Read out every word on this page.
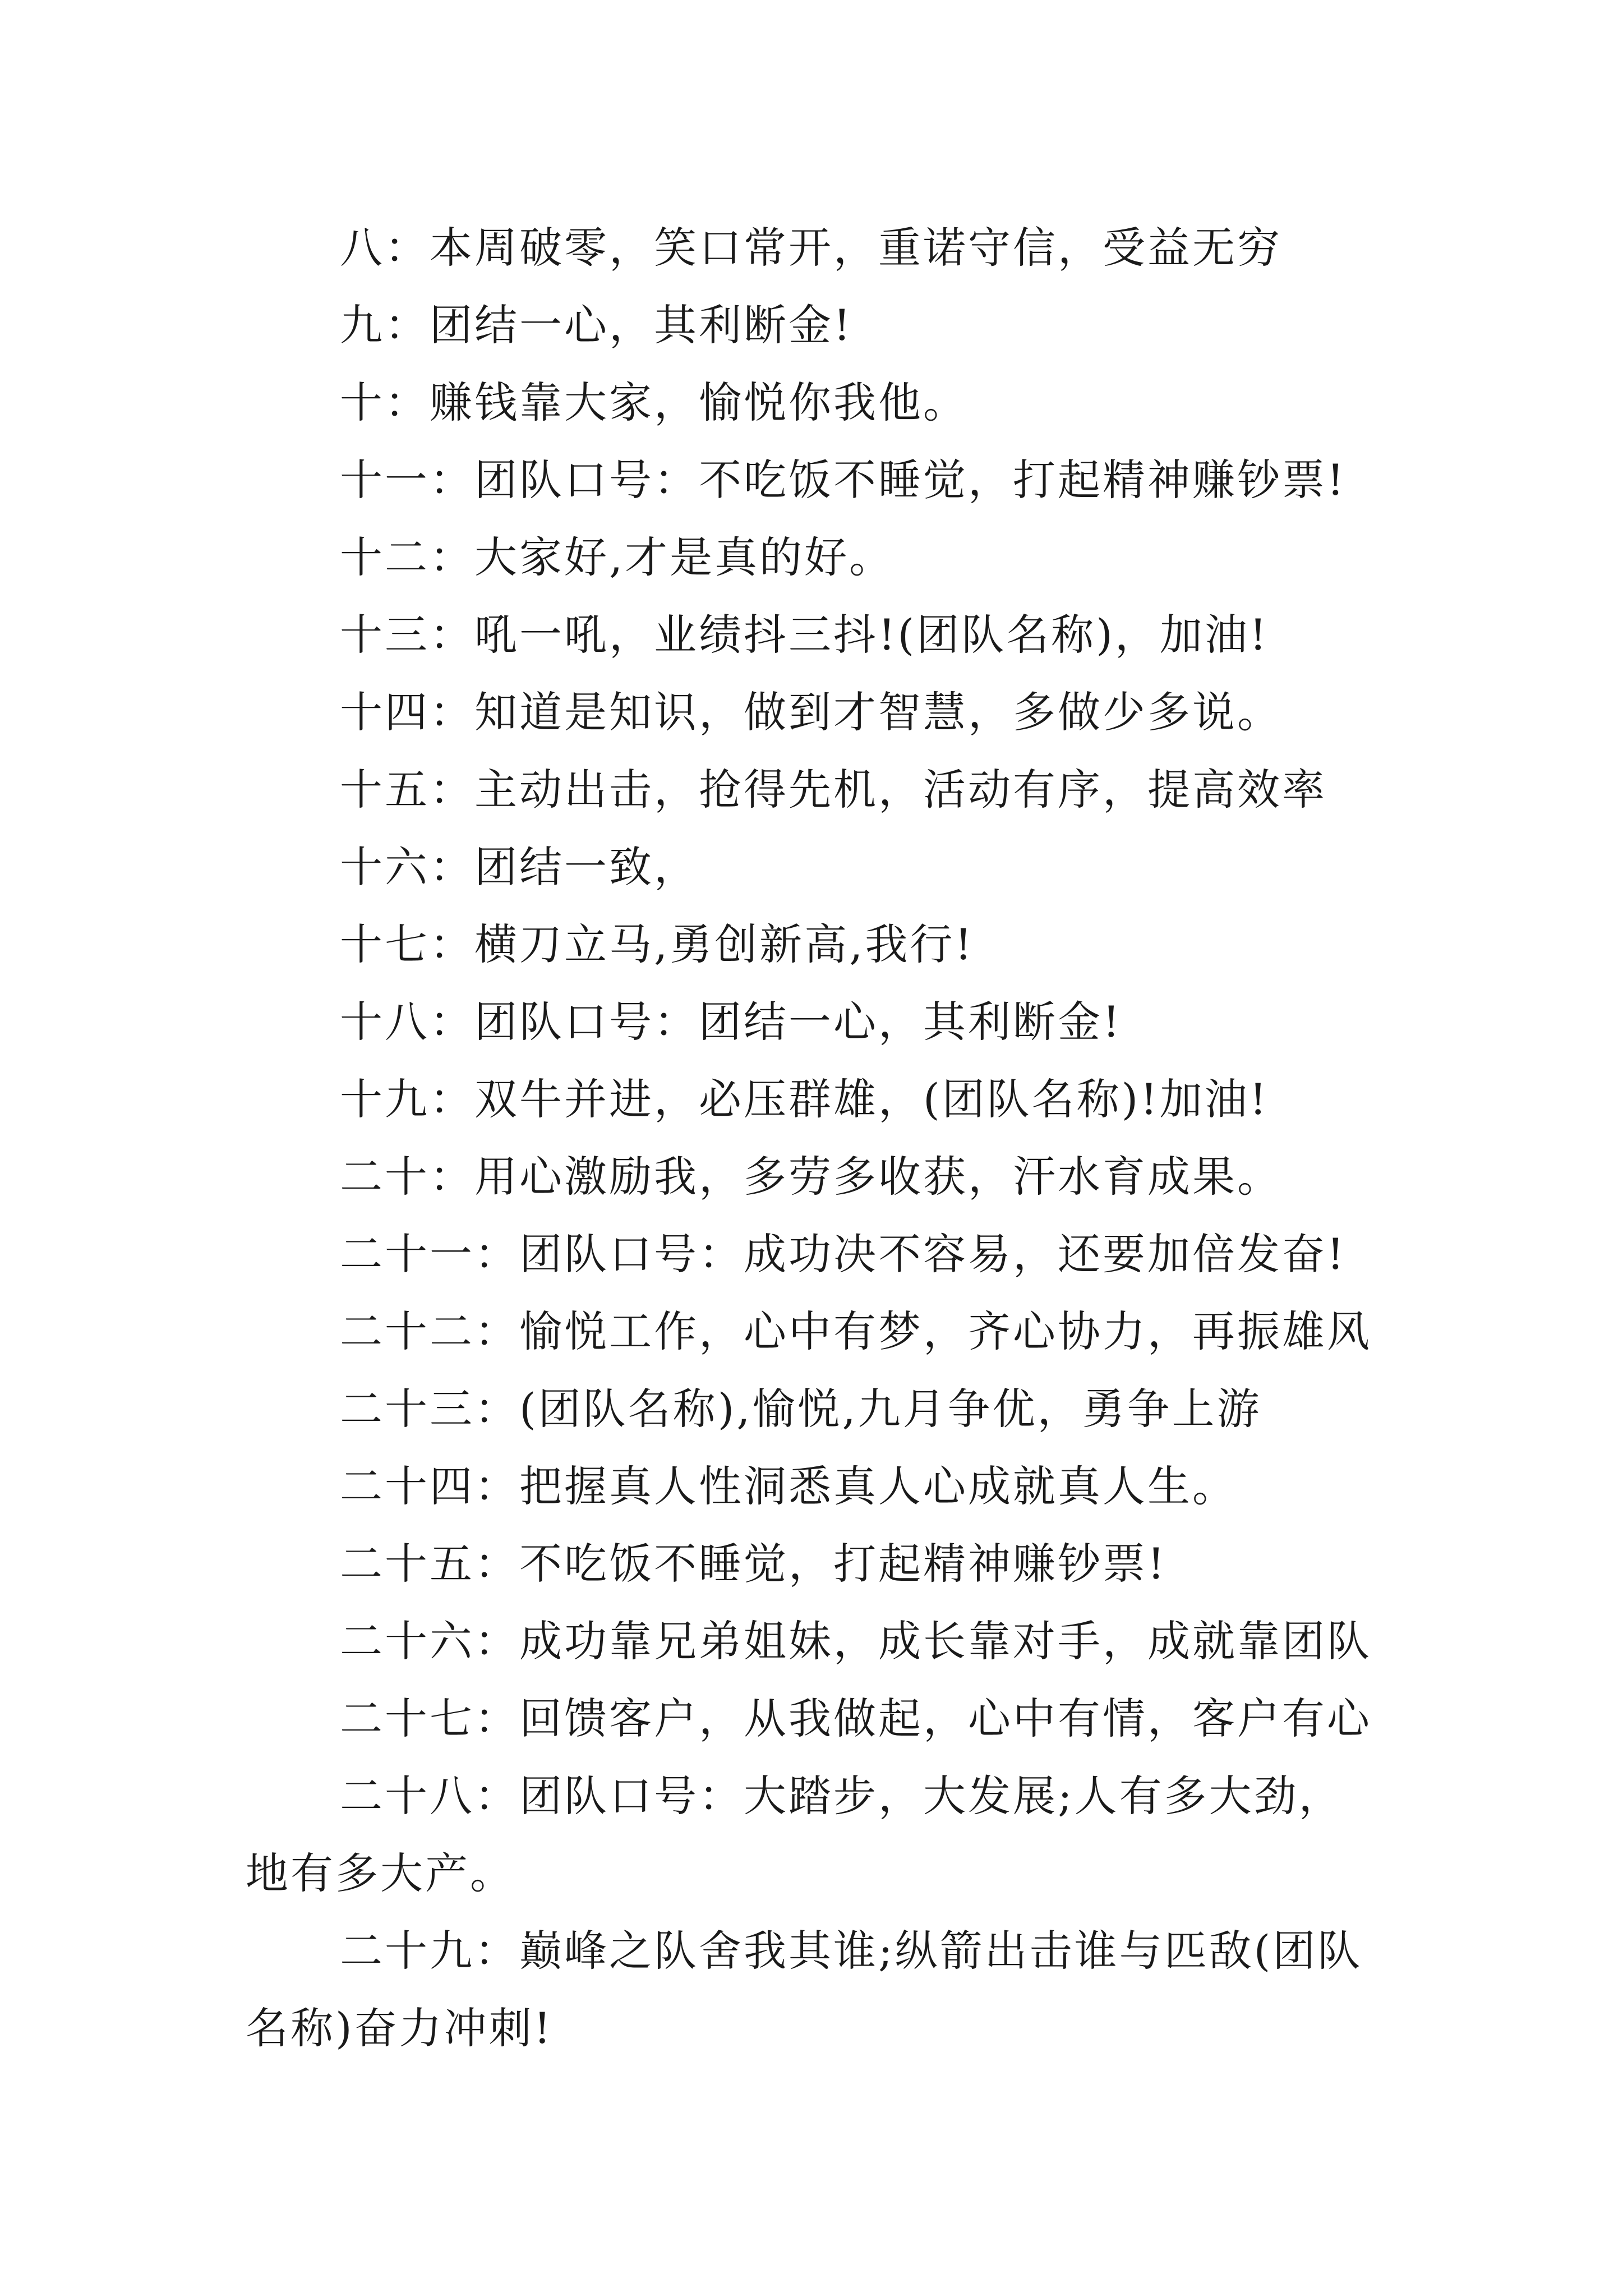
八：本周破零，笑口常开，重诺守信，受益无穷

九：团结一心，其利断金!

十：赚钱靠大家，愉悦你我他。

十一：团队口号：不吃饭不睡觉，打起精神赚钞票!

十二：大家好,才是真的好。

十三：吼一吼，业绩抖三抖!(团队名称)，加油!

十四：知道是知识，做到才智慧，多做少多说。

十五：主动出击，抢得先机，活动有序，提高效率

十六：团结一致，

十七：横刀立马,勇创新高,我行!

十八：团队口号：团结一心，其利断金!

十九：双牛并进，必压群雄，(团队名称)!加油!

二十：用心激励我，多劳多收获，汗水育成果。

二十一：团队口号：成功决不容易，还要加倍发奋!

二十二：愉悦工作，心中有梦，齐心协力，再振雄风

二十三：(团队名称),愉悦,九月争优，勇争上游

二十四：把握真人性洞悉真人心成就真人生。

二十五：不吃饭不睡觉，打起精神赚钞票!

二十六：成功靠兄弟姐妹，成长靠对手，成就靠团队

二十七：回馈客户，从我做起，心中有情，客户有心

二十八：团队口号：大踏步，大发展;人有多大劲，地有多大产。

二十九：巅峰之队舍我其谁;纵箭出击谁与匹敌(团队名称)奋力冲刺!
